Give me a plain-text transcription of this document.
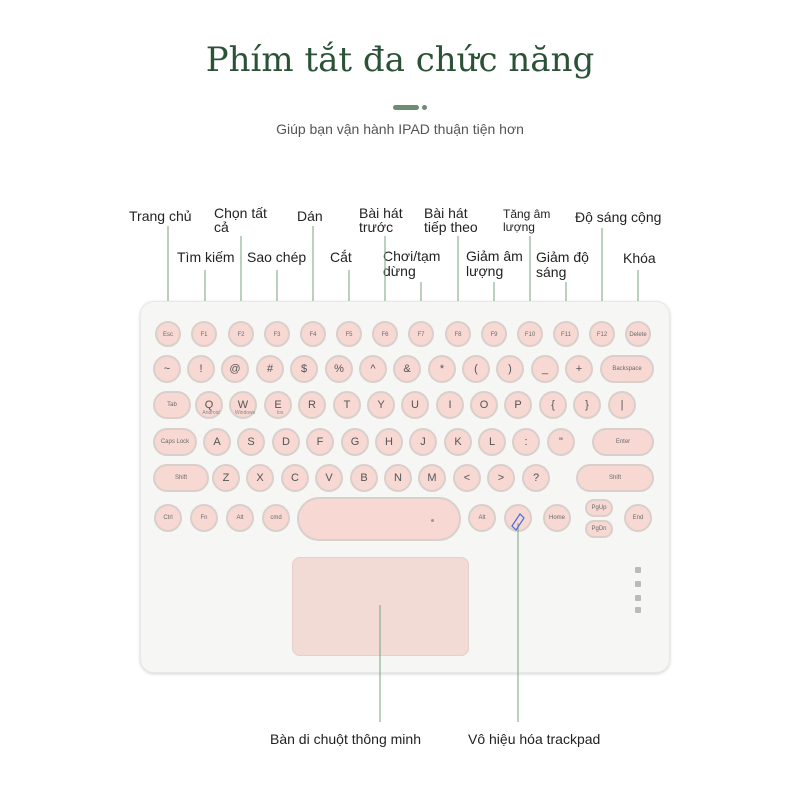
Phím tắt đa chức năng
Giúp bạn vận hành IPAD thuận tiện hơn
Trang chủ
Tìm kiếm
Chọn tất
cả
Sao chép
Dán
Cắt
Bài hát
trước
Chơi/tạm
dừng
Bài hát
tiếp theo
Giảm âm
lượng
Tăng âm
lượng
Giảm độ
sáng
Độ sáng cộng
Khóa
Bàn di chuột thông minh	Vô hiệu hóa trackpad
Esc	F1	F2	F3	F4	F5	F6	F7	F8	F9	F10	F11	F12	Delete
~	!	@	#	$	%	^	&	*	(	)	_	+	Backspace
Tab	Q	W	E	R	T	Y	U	I	O	P	{	}	|
Android	Windows	Ios
Caps Lock	A	S	D	F	G	H	J	K	L	:	"	Enter
Shift	Z	X	C	V	B	N	M	<	>	?	Shift
Ctrl	Fn	Alt	cmd	Alt	Home
PgUp
PgDn
End
